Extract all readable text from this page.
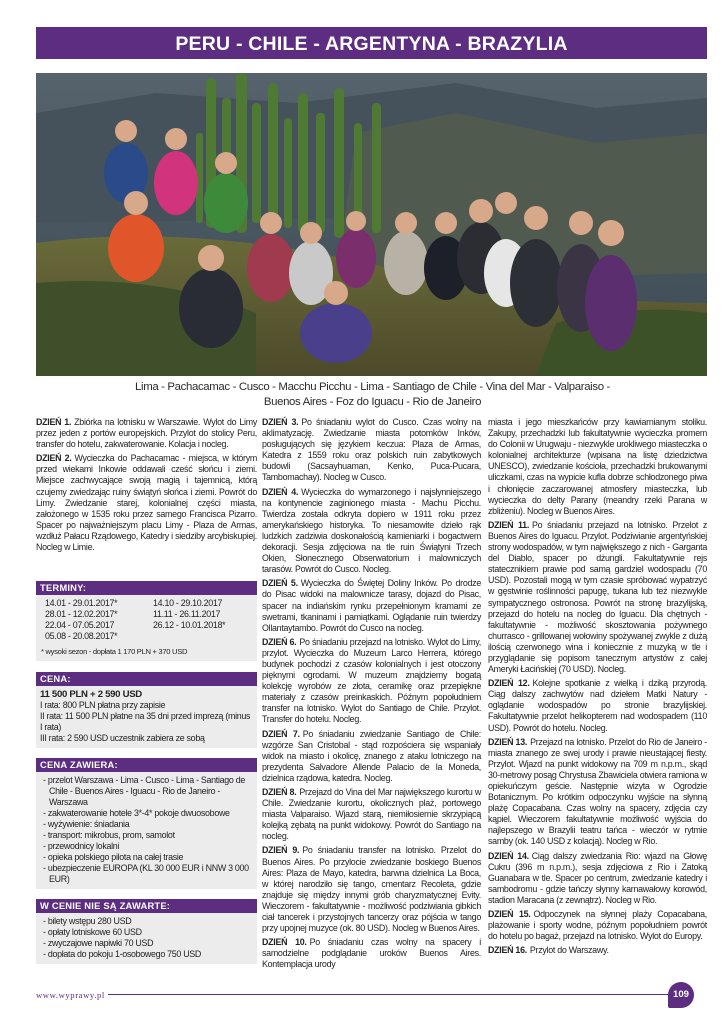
PERU - CHILE - ARGENTYNA - BRAZYLIA
Lima - Pachacamac - Cusco - Macchu Picchu - Lima - Santiago de Chile - Vina del Mar - Valparaiso - Buenos Aires - Foz do Iguacu - Rio de Janeiro
DZIEŃ 1. Zbiórka na lotnisku w Warszawie. Wylot do Limy przez jeden z portów europejskich. Przylot do stolicy Peru, transfer do hotelu, zakwaterowanie. Kolacja i nocleg.

DZIEŃ 2. Wycieczka do Pachacamac - miejsca, w którym przed wiekami Inkowie oddawali cześć słońcu i ziemi. Miejsce zachwycające swoją magią i tajemnicą, którą czujemy zwiedzając ruiny świątyń słońca i ziemi. Powrót do Limy. Zwiedzanie starej, kolonialnej części miasta, założonego w 1535 roku przez samego Francisca Pizarro. Spacer po najważniejszym placu Limy - Plaza de Armas, wzdłuż Pałacu Rządowego, Katedry i siedziby arcybiskupiej. Nocleg w Limie.

TERMINY:
14.01 - 29.01.2017*	14.10 - 29.10.2017
28.01 - 12.02.2017*	11.11 - 26.11.2017
22.04 - 07.05.2017	26.12 - 10.01.2018*
05.08 - 20.08.2017*
* wysoki sezon - dopłata 1 170 PLN + 370 USD
CENA:
11 500 PLN + 2 590 USD
I rata: 800 PLN płatna przy zapisie
II rata: 11 500 PLN płatne na 35 dni przed imprezą (minus I rata)
III rata: 2 590 USD uczestnik zabiera ze sobą
CENA ZAWIERA:
- przelot Warszawa - Lima - Cusco - Lima - Santiago de Chile - Buenos Aires - Iguacu - Rio de Janeiro - Warszawa
- zakwaterowanie hotele 3*-4* pokoje dwuosobowe
- wyżywienie: śniadania
- transport: mikrobus, prom, samolot
- przewodnicy lokalni
- opieka polskiego pilota na całej trasie
- ubezpieczenie EUROPA (KL 30 000 EUR i NNW 3 000 EUR)
W CENIE NIE SĄ ZAWARTE:
- bilety wstępu 280 USD
- opłaty lotniskowe 60 USD
- zwyczajowe napiwki 70 USD
- dopłata do pokoju 1-osobowego 750 USD
DZIEŃ 3. Po śniadaniu wylot do Cusco. Czas wolny na aklimatyzację. Zwiedzanie miasta potomków Inków, posługujących się językiem keczua: Plaza de Armas, Katedra z 1559 roku oraz polskich ruin zabytkowych budowli (Sacsayhuaman, Kenko, Puca-Pucara, Tambomachay). Nocleg w Cusco.

DZIEŃ 4. Wycieczka do wymarzonego i najsłynniejszego na kontynencie zaginionego miasta - Machu Picchu. Twierdza została odkryta dopiero w 1911 roku przez amerykańskiego historyka. To niesamowite dzieło rąk ludzkich zadziwia doskonałością kamieniarki i bogactwem dekoracji. Sesja zdjęciowa na tle ruin Świątyni Trzech Okien, Słonecznego Obserwatorium i malowniczych tarasów. Powrót do Cusco. Nocleg.

DZIEŃ 5. Wycieczka do Świętej Doliny Inków. Po drodze do Pisac widoki na malownicze tarasy, dojazd do Pisac, spacer na indiańskim rynku przepełnionym kramami ze swetrami, tkaninami i pamiątkami. Oglądanie ruin twierdzy Ollantaytambo. Powrót do Cusco na nocleg.

DZIEŃ 6. Po śniadaniu przejazd na lotnisko. Wylot do Limy, przylot. Wycieczka do Muzeum Larco Herrera, którego budynek pochodzi z czasów kolonialnych i jest otoczony pięknymi ogrodami. W muzeum znajdziemy bogatą kolekcję wyrobów ze złota, ceramikę oraz przepiękne materiały z czasów preinkaskich. Późnym popołudniem transfer na lotnisko. Wylot do Santiago de Chile. Przylot. Transfer do hotelu. Nocleg.

DZIEŃ 7. Po śniadaniu zwiedzanie Santiago de Chile: wzgórze San Cristobal - stąd rozpościera się wspaniały widok na miasto i okolicę, znanego z ataku lotniczego na prezydenta Salvadore Allende Palacio de la Moneda, dzielnica rządowa, katedra. Nocleg.

DZIEŃ 8. Przejazd do Vina del Mar największego kurortu w Chile. Zwiedzanie kurortu, okolicznych plaż, portowego miasta Valparaiso. Wjazd starą, niemiłosiernie skrzypiącą kolejką zębatą na punkt widokowy. Powrót do Santiago na nocleg.

DZIEŃ 9. Po śniadaniu transfer na lotnisko. Przelot do Buenos Aires. Po przylocie zwiedzanie boskiego Buenos Aires: Plaza de Mayo, katedra, barwna dzielnica La Boca, w której narodziło się tango, cmentarz Recoleta, gdzie znajduje się między innymi grób charyzmatycznej Evity. Wieczorem - fakultatywnie - możliwość podziwiania gibkich ciał tancerek i przystojnych tancerzy oraz pójścia w tango przy upojnej muzyce (ok. 80 USD). Nocleg w Buenos Aires.

DZIEŃ 10. Po śniadaniu czas wolny na spacery i samodzielne podglądanie uroków Buenos Aires. Kontemplacja urody

miasta i jego mieszkańców przy kawiarnianym stoliku. Zakupy, przechadzki lub fakultatywnie wycieczka promem do Colonii w Urugwaju - niezwykle urokliwego miasteczka o kolonialnej architekturze (wpisana na listę dziedzictwa UNESCO), zwiedzanie kościoła, przechadzki brukowanymi uliczkami, czas na wypicie kufla dobrze schłodzonego piwa i chłonięcie zaczarowanej atmosfery miasteczka, lub wycieczka do delty Parany (meandry rzeki Parana w zbliżeniu). Nocleg w Buenos Aires.

DZIEŃ 11. Po śniadaniu przejazd na lotnisko. Przelot z Buenos Aires do Iguacu. Przylot. Podziwianie argentyńskiej strony wodospadów, w tym największego z nich - Garganta del Diablo, spacer po dżungli. Fakultatywnie rejs statecznikiem prawie pod samą gardziel wodospadu (70 USD). Pozostali mogą w tym czasie spróbować wypatrzyć w gęstwinie roślinności papugę, tukana lub też niezwykle sympatycznego ostronosa. Powrót na stronę brazylijską, przejazd do hotelu na nocleg do Iguacu. Dla chętnych - fakultatywnie - możliwość skosztowania pożywnego churrasco - grillowanej wołowiny spożywanej zwykle z dużą ilością czerwonego wina i koniecznie z muzyką w tle i przyglądanie się popisom tanecznym artystów z całej Ameryki Łacińskiej (70 USD). Nocleg.

DZIEŃ 12. Kolejne spotkanie z wielką i dziką przyrodą. Ciąg dalszy zachwytów nad dziełem Matki Natury - oglądanie wodospadów po stronie brazylijskiej. Fakultatywnie przelot helikopterem nad wodospadem (110 USD). Powrót do hotelu. Nocleg.

DZIEŃ 13. Przejazd na lotnisko. Przelot do Rio de Janeiro - miasta znanego ze swej urody i prawie nieustającej fiesty. Przylot. Wjazd na punkt widokowy na 709 m n.p.m., skąd 30-metrowy posąg Chrystusa Zbawiciela otwiera ramiona w opiekuńczym geście. Następnie wizyta w Ogrodzie Botanicznym. Po krótkim odpoczynku wyjście na słynną plażę Copacabana. Czas wolny na spacery, zdjęcia czy kąpiel. Wieczorem fakultatywnie możliwość wyjścia do najlepszego w Brazylii teatru tańca - wieczór w rytmie samby (ok. 140 USD z kolacją). Nocleg w Rio.

DZIEŃ 14. Ciąg dalszy zwiedzania Rio: wjazd na Głowę Cukru (396 m n.p.m.), sesja zdjęciowa z Rio i Zatoką Guanabara w tle. Spacer po centrum, zwiedzanie katedry i sambodromu - gdzie tańczy słynny karnawałowy korowód, stadion Maracana (z zewnątrz). Nocleg w Rio.

DZIEŃ 15. Odpoczynek na słynnej plaży Copacabana, plażowanie i sporty wodne, późnym popołudniem powrót do hotelu po bagaż, przejazd na lotnisko. Wylot do Europy.

DZIEŃ 16. Przylot do Warszawy.

www.wyprawy.pl	109
